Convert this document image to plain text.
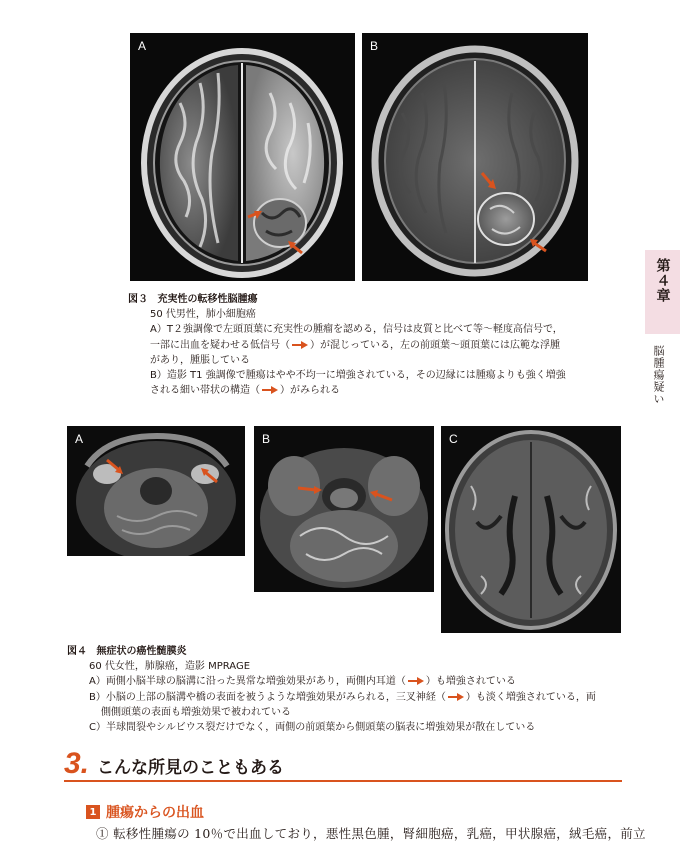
A	B
図３ 充実性の転移性脳腫瘍
50 代男性，肺小細胞癌
A）T２強調像で左頭頂葉に充実性の腫瘤を認める，信号は皮質と比べて等～軽度高信号で，
一部に出血を疑わせる低信号（ ）が混じっている，左の前頭葉～頭頂葉には広範な浮腫
があり，腫脹している
B）造影 T1 強調像で腫瘍はやや不均一に増強されている，その辺縁には腫瘍よりも強く増強
される細い帯状の構造（ ）がみられる
第４章
脳腫瘍疑い
A	B	C
図４ 無症状の癌性髄膜炎
60 代女性，肺腺癌，造影 MPRAGE
A）両側小脳半球の脳溝に沿った異常な増強効果があり，両側内耳道（ ）も増強されている
B）小脳の上部の脳溝や橋の表面を被うような増強効果がみられる，三叉神経（ ）も淡く増強されている，両
側側頭葉の表面も増強効果で被われている
C）半球間裂やシルビウス裂だけでなく，両側の前頭葉から側頭葉の脳表に増強効果が散在している
3. こんな所見のこともある
1 腫瘍からの出血
① 転移性腫瘍の 10％で出血しており，悪性黒色腫，腎細胞癌，乳癌，甲状腺癌，絨毛癌，前立
